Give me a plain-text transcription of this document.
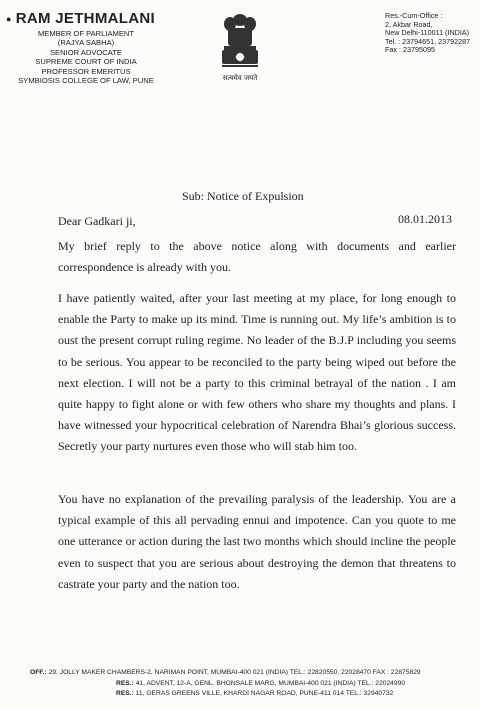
● RAM JETHMALANI
MEMBER OF PARLIAMENT
(RAJYA SABHA)
SENIOR ADVOCATE
SUPREME COURT OF INDIA
PROFESSOR EMERITUS
SYMBIOSIS COLLEGE OF LAW, PUNE	सत्यमेव जयते
Res.-Cum-Office :
2, Akbar Road,
New Delhi-110011 (INDIA)
Tel. : 23794651, 23792287
Fax : 23795095
Sub: Notice of Expulsion
Dear Gadkari ji,	08.01.2013

My brief reply to the above notice along with documents and earlier correspondence is already with you.

I have patiently waited, after your last meeting at my place, for long enough to enable the Party to make up its mind. Time is running out. My life’s ambition is to oust the present corrupt ruling regime. No leader of the B.J.P including you seems to be serious. You appear to be reconciled to the party being wiped out before the next election. I will not be a party to this criminal betrayal of the nation . I am quite happy to fight alone or with few others who share my thoughts and plans. I have witnessed your hypocritical celebration of Narendra Bhai’s glorious success. Secretly your party nurtures even those who will stab him too.

You have no explanation of the prevailing paralysis of the leadership. You are a typical example of this all pervading ennui and impotence. Can you quote to me one utterance or action during the last two months which should incline the people even to suspect that you are serious about destroying the demon that threatens to castrate your party and the nation too.

OFF.: 29, JOLLY MAKER CHAMBERS-2, NARIMAN POINT, MUMBAI-400 021 (INDIA) TEL.: 22820550, 22028470 FAX : 22875829
RES.: 41, ADVENT, 12-A, GENL. BHONSALE MARG, MUMBAI-400 021 (INDIA) TEL.: 22024990
RES.: 11, GERAS GREENS VILLE, KHARDI NAGAR ROAD, PUNE-411 014 TEL.: 32940732
